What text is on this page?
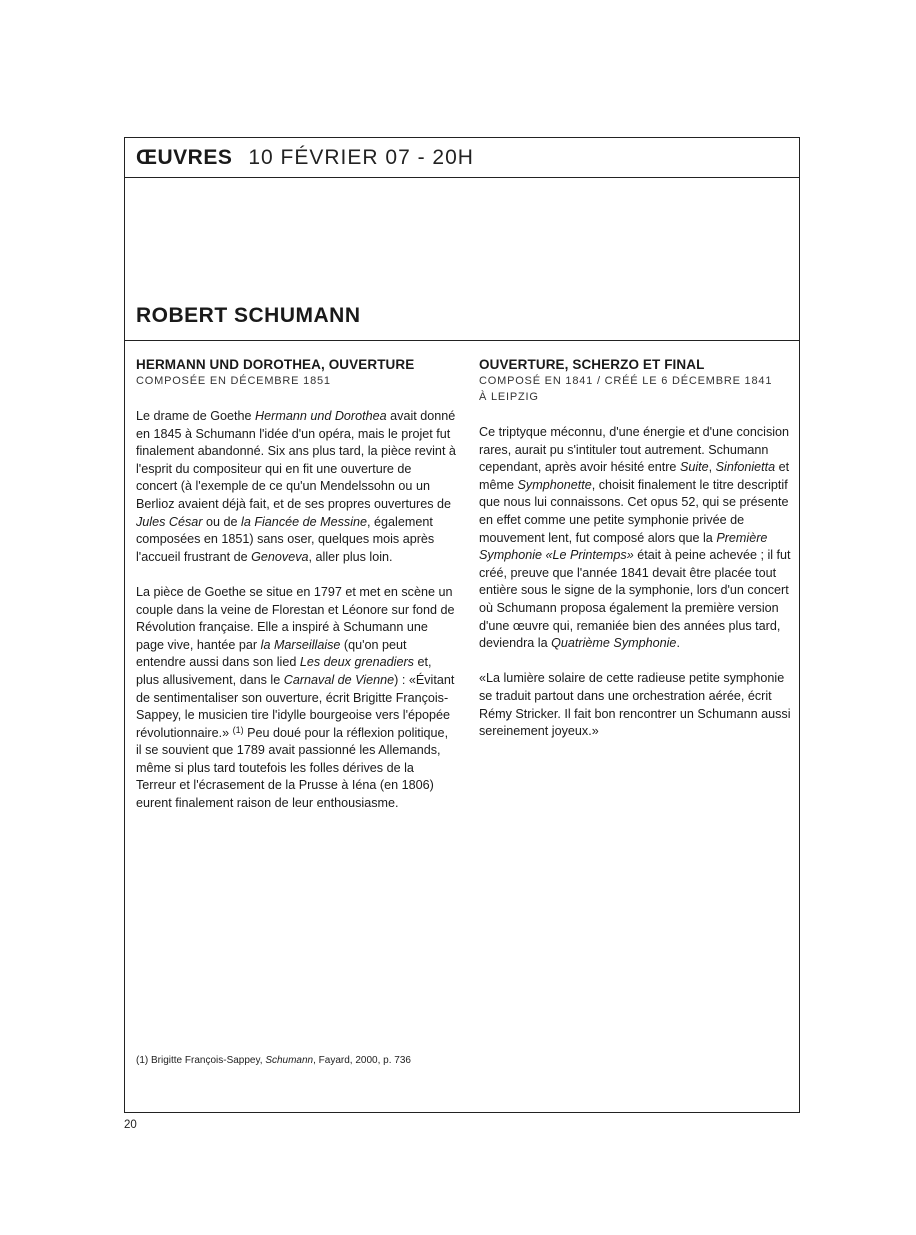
ŒUVRES 10 FÉVRIER 07 - 20H
ROBERT SCHUMANN
HERMANN UND DOROTHEA, OUVERTURE
COMPOSÉE EN DÉCEMBRE 1851

Le drame de Goethe Hermann und Dorothea avait donné en 1845 à Schumann l'idée d'un opéra, mais le projet fut finalement abandonné. Six ans plus tard, la pièce revint à l'esprit du compositeur qui en fit une ouverture de concert (à l'exemple de ce qu'un Mendelssohn ou un Berlioz avaient déjà fait, et de ses propres ouvertures de Jules César ou de la Fiancée de Messine, également composées en 1851) sans oser, quelques mois après l'accueil frustrant de Genoveva, aller plus loin.

La pièce de Goethe se situe en 1797 et met en scène un couple dans la veine de Florestan et Léonore sur fond de Révolution française. Elle a inspiré à Schumann une page vive, hantée par la Marseillaise (qu'on peut entendre aussi dans son lied Les deux grenadiers et, plus allusivement, dans le Carnaval de Vienne) : «Évitant de sentimentaliser son ouverture, écrit Brigitte François-Sappey, le musicien tire l'idylle bourgeoise vers l'épopée révolutionnaire.» $^{(1)}$ Peu doué pour la réflexion politique, il se souvient que 1789 avait passionné les Allemands, même si plus tard toutefois les folles dérives de la Terreur et l'écrasement de la Prusse à Iéna (en 1806) eurent finalement raison de leur enthousiasme.

OUVERTURE, SCHERZO ET FINAL
COMPOSÉ EN 1841 / CRÉÉ LE 6 DÉCEMBRE 1841
À LEIPZIG

Ce triptyque méconnu, d'une énergie et d'une concision rares, aurait pu s'intituler tout autrement. Schumann cependant, après avoir hésité entre Suite, Sinfonietta et même Symphonette, choisit finalement le titre descriptif que nous lui connaissons. Cet opus 52, qui se présente en effet comme une petite symphonie privée de mouvement lent, fut composé alors que la Première Symphonie «Le Printemps» était à peine achevée ; il fut créé, preuve que l'année 1841 devait être placée tout entière sous le signe de la symphonie, lors d'un concert où Schumann proposa également la première version d'une œuvre qui, remaniée bien des années plus tard, deviendra la Quatrième Symphonie.

«La lumière solaire de cette radieuse petite symphonie se traduit partout dans une orchestration aérée, écrit Rémy Stricker. Il fait bon rencontrer un Schumann aussi sereinement joyeux.»

(1) Brigitte François-Sappey, Schumann, Fayard, 2000, p. 736
20
